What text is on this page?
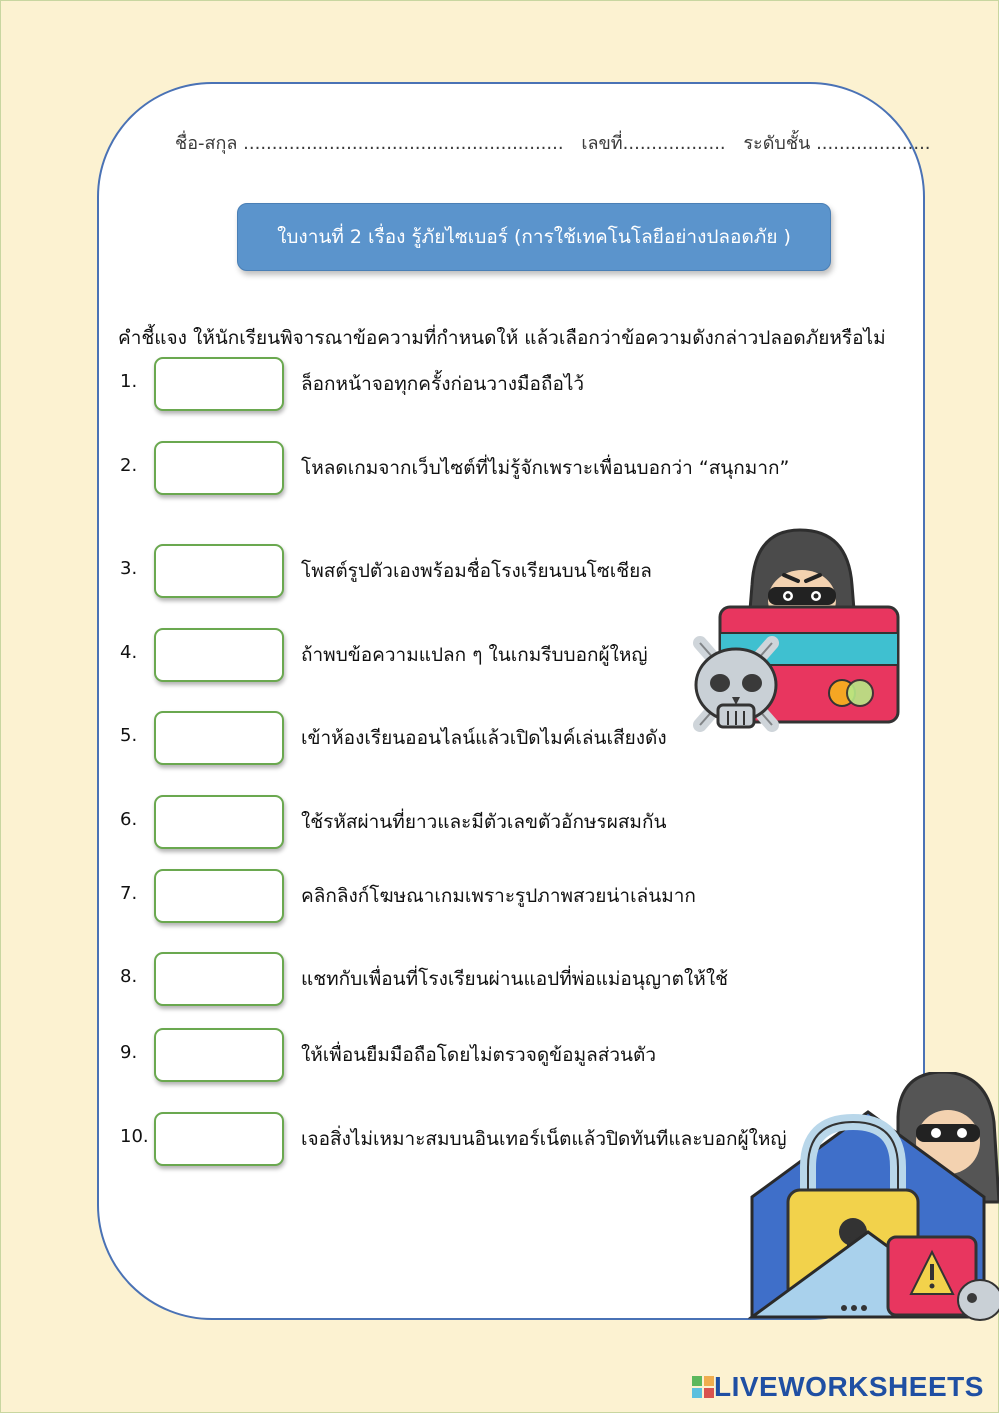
ชื่อ-สกุล ........................................................ เลขที่.................. ระดับชั้น ....................
ใบงานที่ 2 เรื่อง รู้ภัยไซเบอร์ (การใช้เทคโนโลยีอย่างปลอดภัย )
คำชี้แจง ให้นักเรียนพิจารณาข้อความที่กำหนดให้ แล้วเลือกว่าข้อความดังกล่าวปลอดภัยหรือไม่
1.	ล็อกหน้าจอทุกครั้งก่อนวางมือถือไว้
2.	โหลดเกมจากเว็บไซต์ที่ไม่รู้จักเพราะเพื่อนบอกว่า “สนุกมาก”
3.	โพสต์รูปตัวเองพร้อมชื่อโรงเรียนบนโซเชียล
4.	ถ้าพบข้อความแปลก ๆ ในเกมรีบบอกผู้ใหญ่
5.	เข้าห้องเรียนออนไลน์แล้วเปิดไมค์เล่นเสียงดัง
6.	ใช้รหัสผ่านที่ยาวและมีตัวเลขตัวอักษรผสมกัน
7.	คลิกลิงก์โฆษณาเกมเพราะรูปภาพสวยน่าเล่นมาก
8.	แชทกับเพื่อนที่โรงเรียนผ่านแอปที่พ่อแม่อนุญาตให้ใช้
9.	ให้เพื่อนยืมมือถือโดยไม่ตรวจดูข้อมูลส่วนตัว
10.	เจอสิ่งไม่เหมาะสมบนอินเทอร์เน็ตแล้วปิดทันทีและบอกผู้ใหญ่
LIVEWORKSHEETS
